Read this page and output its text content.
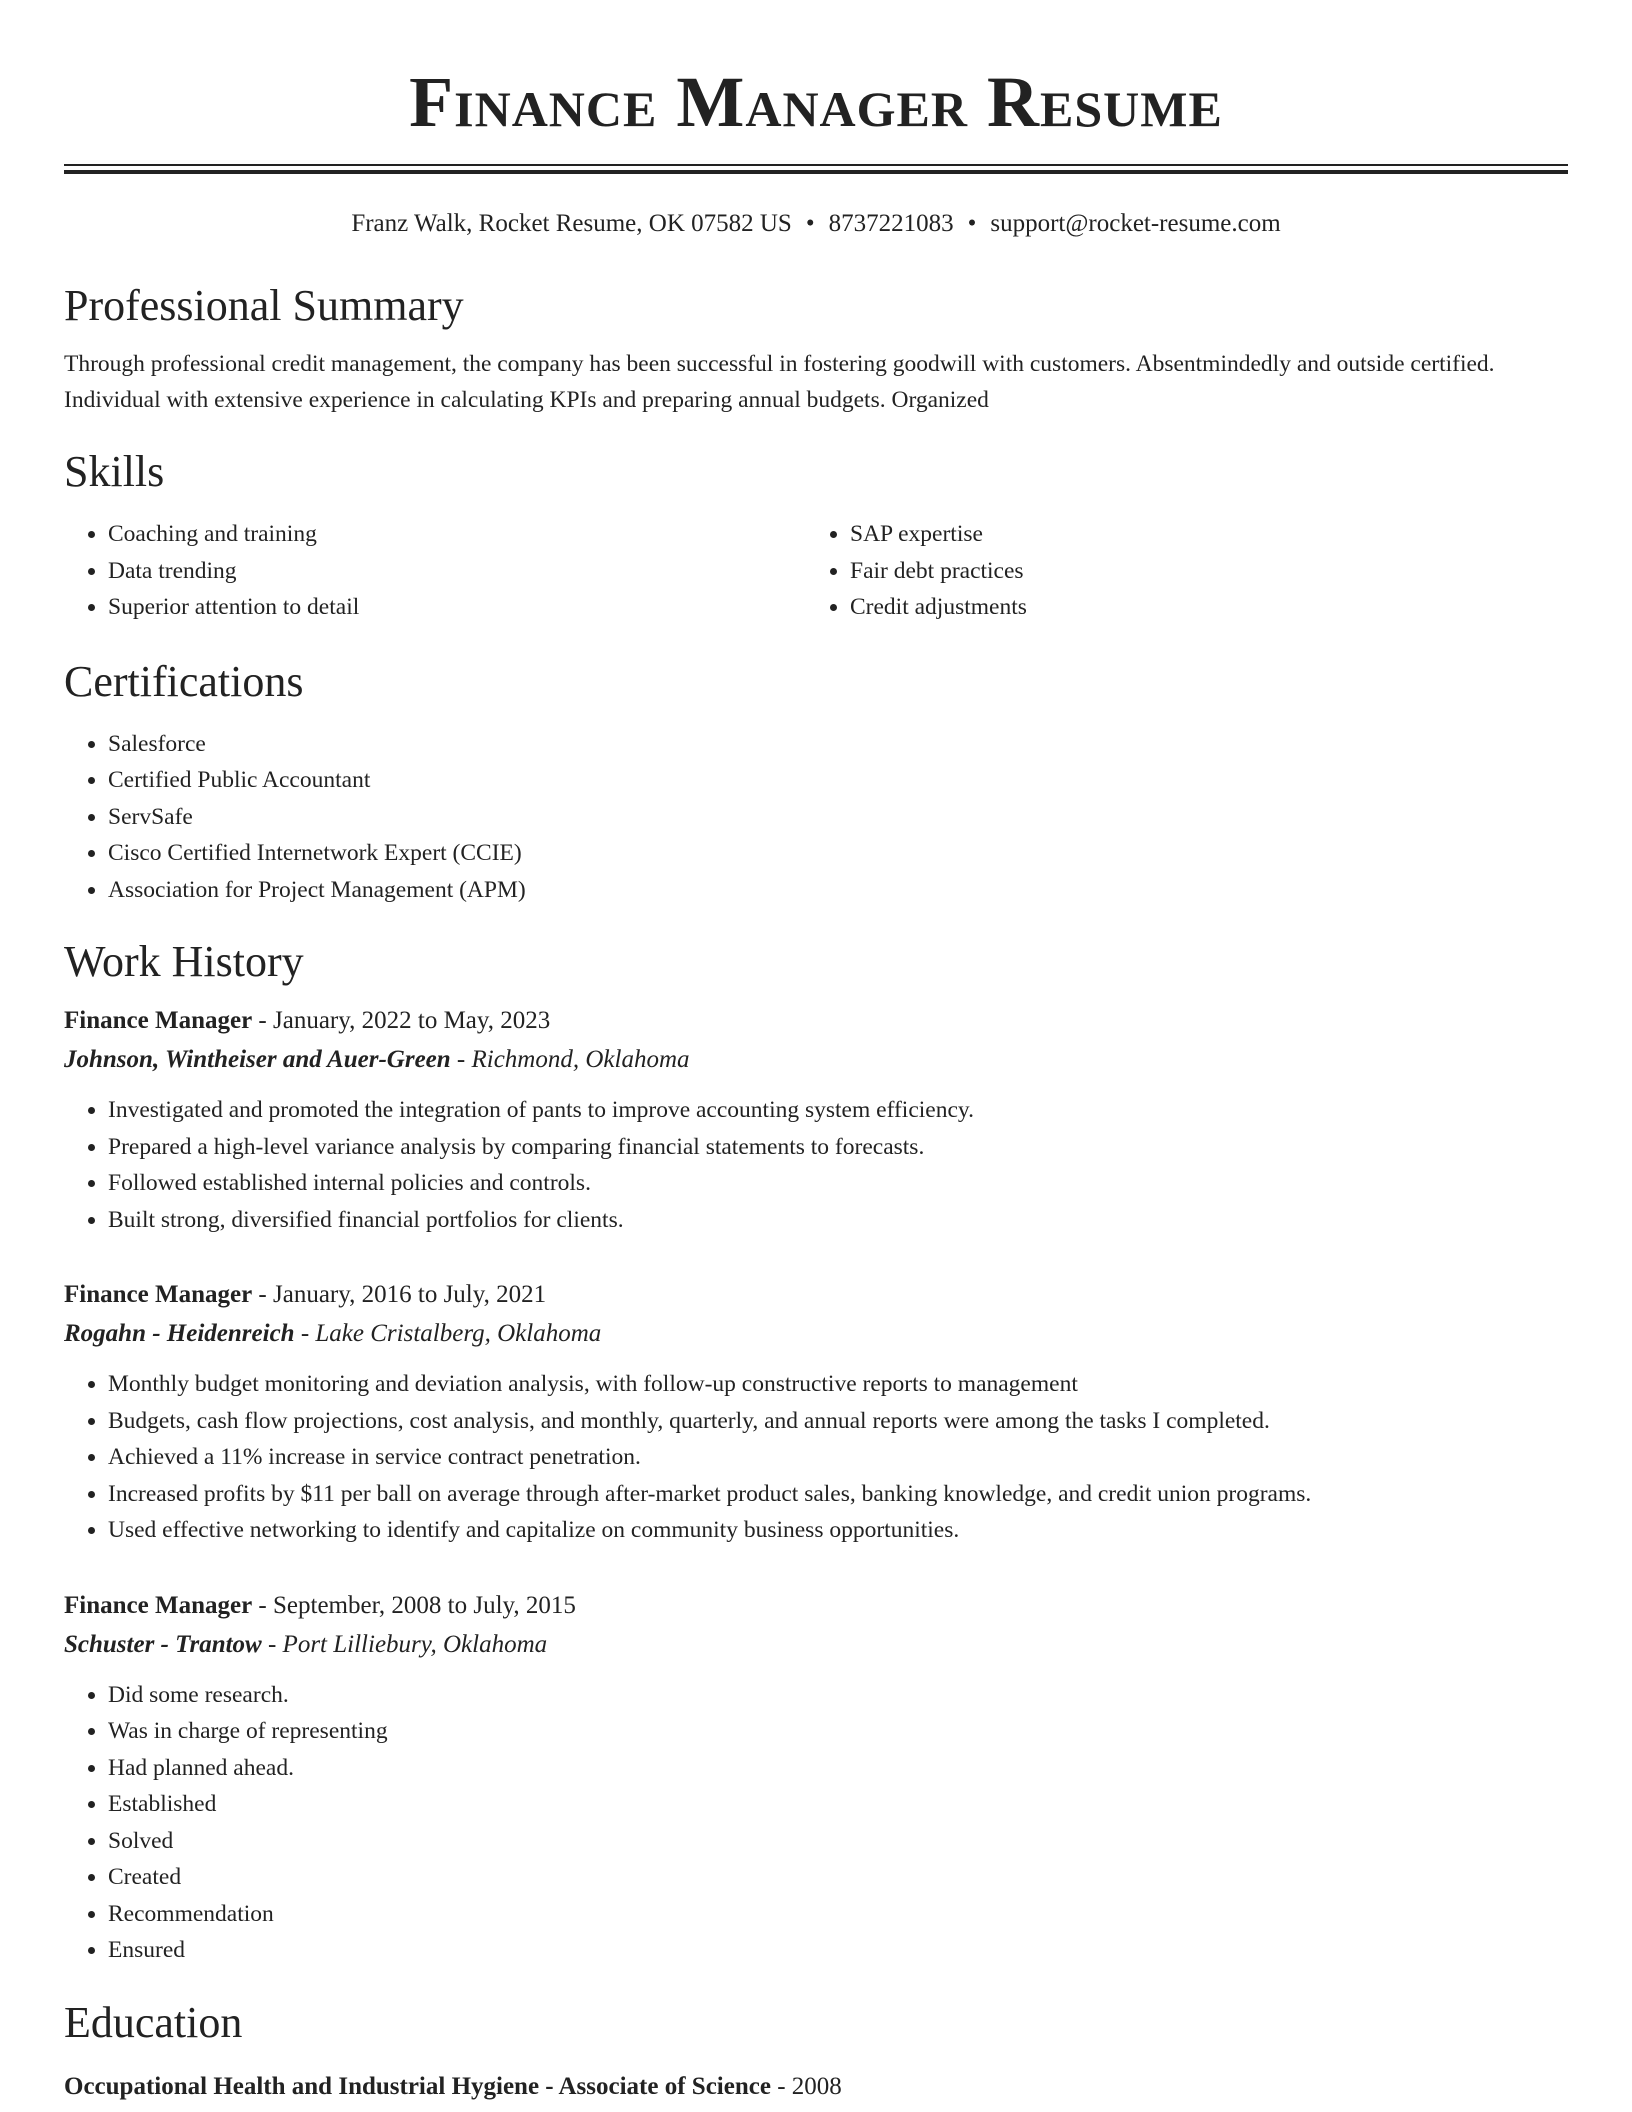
Finance Manager Resume
Franz Walk, Rocket Resume, OK 07582 US • 8737221083 • support@rocket-resume.com
Professional Summary

Through professional credit management, the company has been successful in fostering goodwill with customers. Absentmindedly and outside certified. Individual with extensive experience in calculating KPIs and preparing annual budgets. Organized

Skills
• Coaching and training
• Data trending
• Superior attention to detail
• SAP expertise
• Fair debt practices
• Credit adjustments
Certifications
• Salesforce
• Certified Public Accountant
• ServSafe
• Cisco Certified Internetwork Expert (CCIE)
• Association for Project Management (APM)
Work History
Finance Manager - January, 2022 to May, 2023
Johnson, Wintheiser and Auer-Green - Richmond, Oklahoma
• Investigated and promoted the integration of pants to improve accounting system efficiency.
• Prepared a high-level variance analysis by comparing financial statements to forecasts.
• Followed established internal policies and controls.
• Built strong, diversified financial portfolios for clients.
Finance Manager - January, 2016 to July, 2021
Rogahn - Heidenreich - Lake Cristalberg, Oklahoma
• Monthly budget monitoring and deviation analysis, with follow-up constructive reports to management
• Budgets, cash flow projections, cost analysis, and monthly, quarterly, and annual reports were among the tasks I completed.
• Achieved a 11% increase in service contract penetration.
• Increased profits by $11 per ball on average through after-market product sales, banking knowledge, and credit union programs.
• Used effective networking to identify and capitalize on community business opportunities.
Finance Manager - September, 2008 to July, 2015
Schuster - Trantow - Port Lilliebury, Oklahoma
• Did some research.
• Was in charge of representing
• Had planned ahead.
• Established
• Solved
• Created
• Recommendation
• Ensured
Education
Occupational Health and Industrial Hygiene - Associate of Science - 2008
